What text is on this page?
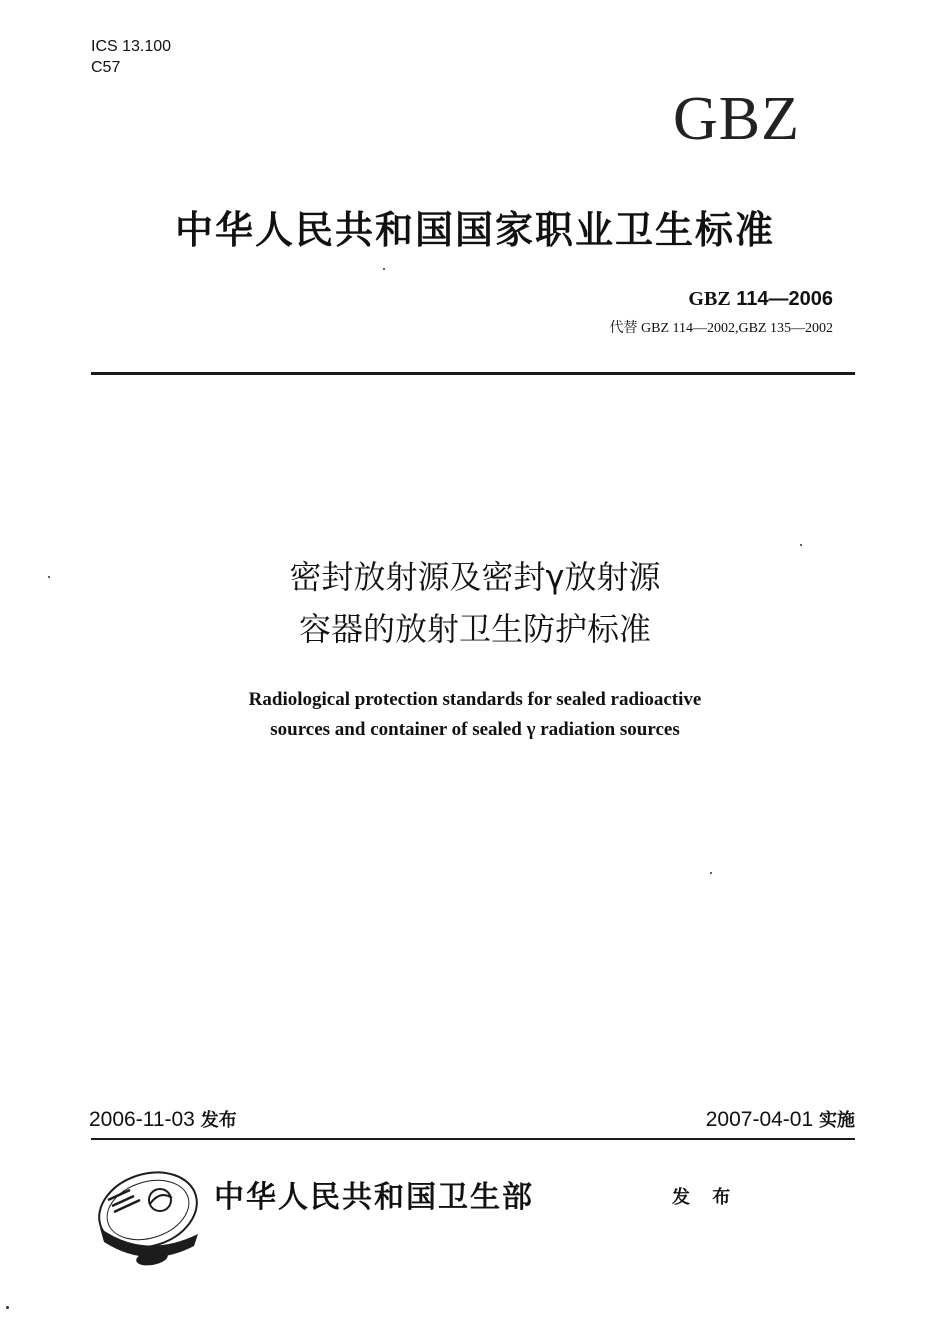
ICS 13.100
C57
GBZ
中华人民共和国国家职业卫生标准
GBZ 114—2006
代替 GBZ 114—2002,GBZ 135—2002
密封放射源及密封γ放射源
容器的放射卫生防护标准
Radiological protection standards for sealed radioactive
sources and container of sealed γ radiation sources
2006-11-03 发布	2007-04-01 实施
中华人民共和国卫生部	发 布
